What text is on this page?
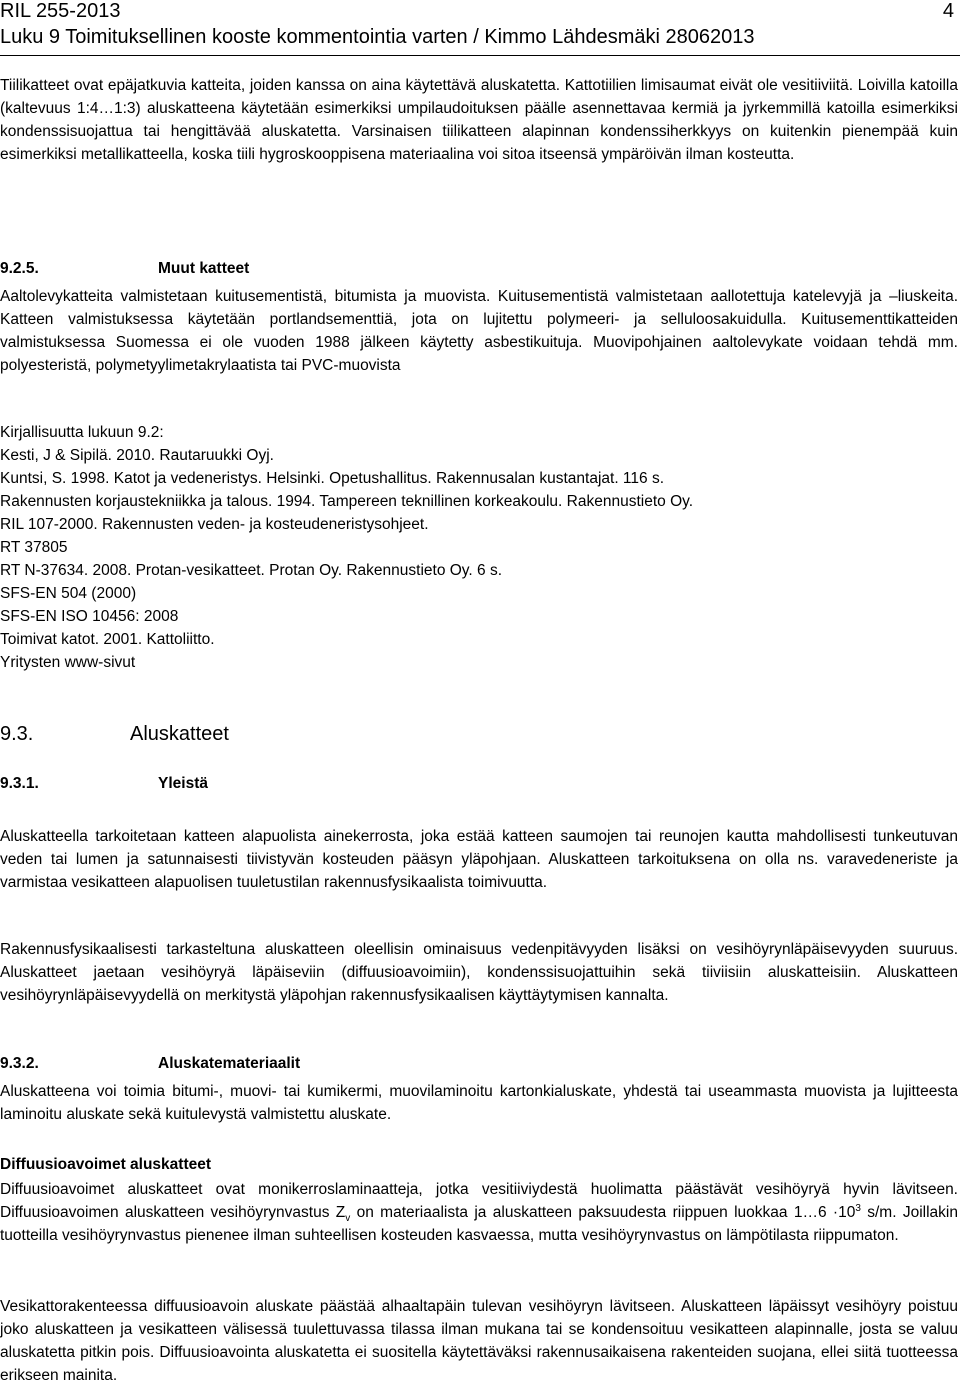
RIL 255-2013	4
Luku 9 Toimituksellinen kooste kommentointia varten / Kimmo Lähdesmäki 28062013
Tiilikatteet ovat epäjatkuvia katteita, joiden kanssa on aina käytettävä aluskatetta. Kattotiilien limisaumat eivät ole vesitiiviitä. Loivilla katoilla (kaltevuus 1:4…1:3) aluskatteena käytetään esimerkiksi umpilaudoituksen päälle asennettavaa kermiä ja jyrkemmillä katoilla esimerkiksi kondenssisuojattua tai hengittävää aluskatetta. Varsinaisen tiilikatteen alapinnan kondenssiherkkyys on kuitenkin pienempää kuin esimerkiksi metallikatteella, koska tiili hygroskooppisena materiaalina voi sitoa itseensä ympäröivän ilman kosteutta.
9.2.5.	Muut katteet
Aaltolevykatteita valmistetaan kuitusementistä, bitumista ja muovista. Kuitusementistä valmistetaan aallotettuja katelevyjä ja –liuskeita. Katteen valmistuksessa käytetään portlandsementtiä, jota on lujitettu polymeeri- ja selluloosakuidulla. Kuitusementtikatteiden valmistuksessa Suomessa ei ole vuoden 1988 jälkeen käytetty asbestikuituja. Muovipohjainen aaltolevykate voidaan tehdä mm. polyesteristä, polymetyylimetakrylaatista tai PVC-muovista
Kirjallisuutta lukuun 9.2:
Kesti, J & Sipilä. 2010. Rautaruukki Oyj.
Kuntsi, S. 1998. Katot ja vedeneristys. Helsinki. Opetushallitus. Rakennusalan kustantajat. 116 s.
Rakennusten korjaustekniikka ja talous. 1994. Tampereen teknillinen korkeakoulu. Rakennustieto Oy.
RIL 107-2000. Rakennusten veden- ja kosteudeneristysohjeet.
RT 37805
RT N-37634. 2008. Protan-vesikatteet. Protan Oy. Rakennustieto Oy. 6 s.
SFS-EN 504 (2000)
SFS-EN ISO 10456: 2008
Toimivat katot. 2001. Kattoliitto.
Yritysten www-sivut
9.3.	Aluskatteet
9.3.1.	Yleistä
Aluskatteella tarkoitetaan katteen alapuolista ainekerrosta, joka estää katteen saumojen tai reunojen kautta mahdollisesti tunkeutuvan veden tai lumen ja satunnaisesti tiivistyvän kosteuden pääsyn yläpohjaan. Aluskatteen tarkoituksena on olla ns. varavedeneriste ja varmistaa vesikatteen alapuolisen tuuletustilan rakennusfysikaalista toimivuutta.
Rakennusfysikaalisesti tarkasteltuna aluskatteen oleellisin ominaisuus vedenpitävyyden lisäksi on vesihöyrynläpäisevyyden suuruus. Aluskatteet jaetaan vesihöyryä läpäiseviin (diffuusioavoimiin), kondenssisuojattuihin sekä tiiviisiin aluskatteisiin. Aluskatteen vesihöyrynläpäisevyydellä on merkitystä yläpohjan rakennusfysikaalisen käyttäytymisen kannalta.
9.3.2.	Aluskatemateriaalit
Aluskatteena voi toimia bitumi-, muovi- tai kumikermi, muovilaminoitu kartonkialuskate, yhdestä tai useammasta muovista ja lujitteesta laminoitu aluskate sekä kuitulevystä valmistettu aluskate.
Diffuusioavoimet aluskatteet
Diffuusioavoimet aluskatteet ovat monikerroslaminaatteja, jotka vesitiiviydestä huolimatta päästävät vesihöyryä hyvin lävitseen. Diffuusioavoimen aluskatteen vesihöyrynvastus $Z_v$ on materiaalista ja aluskatteen paksuudesta riippuen luokkaa 1…6 $\cdot 10^3$ s/m. Joillakin tuotteilla vesihöyrynvastus pienenee ilman suhteellisen kosteuden kasvaessa, mutta vesihöyrynvastus on lämpötilasta riippumaton.
Vesikattorakenteessa diffuusioavoin aluskate päästää alhaaltapäin tulevan vesihöyryn lävitseen. Aluskatteen läpäissyt vesihöyry poistuu joko aluskatteen ja vesikatteen välisessä tuulettuvassa tilassa ilman mukana tai se kondensoituu vesikatteen alapinnalle, josta se valuu aluskatetta pitkin pois. Diffuusioavointa aluskatetta ei suositella käytettäväksi rakennusaikaisena rakenteiden suojana, ellei siitä tuotteessa erikseen mainita.
